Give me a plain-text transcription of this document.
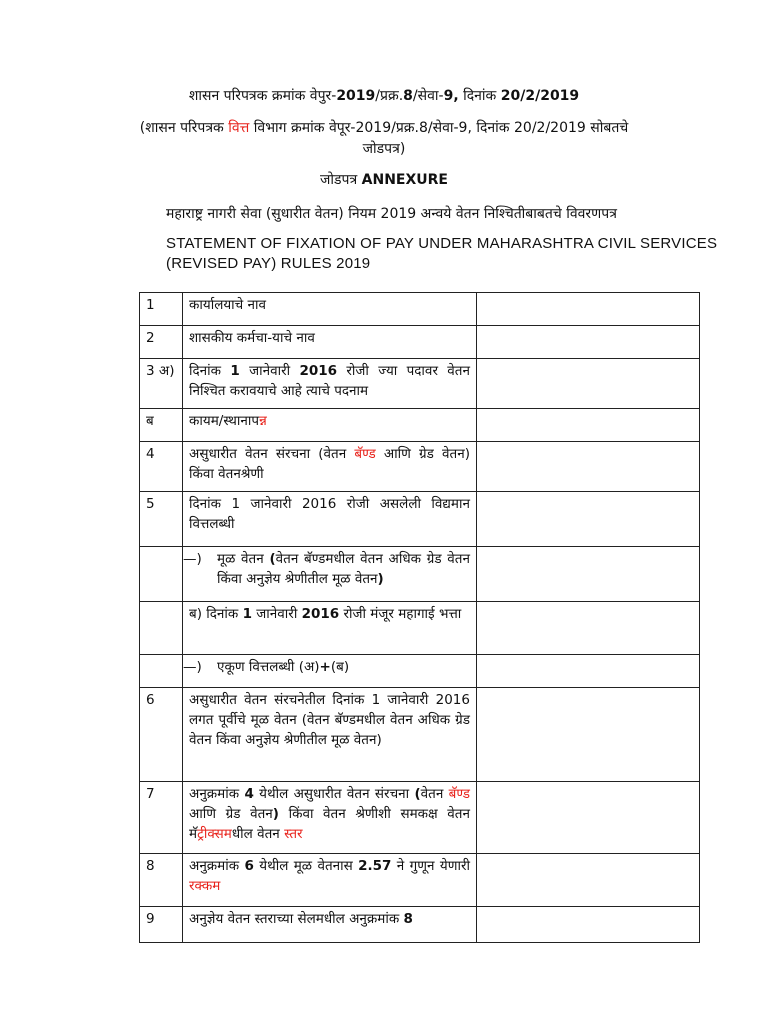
शासन परिपत्रक क्रमांक वेपुर-2019/प्रक्र.8/सेवा-9, दिनांक 20/2/2019
(शासन परिपत्रक वित्त विभाग क्रमांक वेपूर-2019/प्रक्र.8/सेवा-9, दिनांक 20/2/2019 सोबतचे
जोडपत्र)
जोडपत्र ANNEXURE
महाराष्ट्र नागरी सेवा (सुधारीत वेतन) नियम 2019 अन्वये वेतन निश्चितीबाबतचे विवरणपत्र
STATEMENT OF FIXATION OF PAY UNDER MAHARASHTRA CIVIL SERVICES
(REVISED PAY) RULES 2019
1	कार्यालयाचे नाव	
2	शासकीय कर्मचा-याचे नाव	
3 अ)	दिनांक 1 जानेवारी 2016 रोजी ज्या पदावर वेतन निश्चित करावयाचे आहे त्याचे पदनाम	
ब	कायम/स्थानापन्न	
4	असुधारीत वेतन संरचना (वेतन बॅण्ड आणि ग्रेड वेतन) किंवा वेतनश्रेणी	
5	दिनांक 1 जानेवारी 2016 रोजी असलेली विद्यमान वित्तलब्धी	

	—) मूळ वेतन (वेतन बॅण्डमधील वेतन अधिक ग्रेड वेतन किंवा अनुज्ञेय श्रेणीतील मूळ वेतन)	

	ब) दिनांक 1 जानेवारी 2016 रोजी मंजूर महागाई भत्ता	

	—) एकूण वित्तलब्धी (अ)+(ब)	

6	असुधारीत वेतन संरचनेतील दिनांक 1 जानेवारी 2016 लगत पूर्वीचे मूळ वेतन (वेतन बॅण्डमधील वेतन अधिक ग्रेड वेतन किंवा अनुज्ञेय श्रेणीतील मूळ वेतन)	
7	अनुक्रमांक 4 येथील असुधारीत वेतन संरचना (वेतन बॅण्ड आणि ग्रेड वेतन) किंवा वेतन श्रेणीशी समकक्ष वेतन मॅट्रीक्समधील वेतन स्तर	
8	अनुक्रमांक 6 येथील मूळ वेतनास 2.57 ने गुणून येणारी रक्कम	
9	अनुज्ञेय वेतन स्तराच्या सेलमधील अनुक्रमांक 8	
